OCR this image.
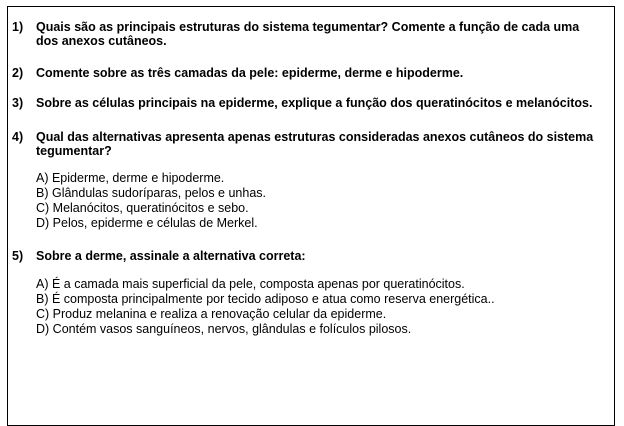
1)	Quais são as principais estruturas do sistema tegumentar? Comente a função de cada uma dos anexos cutâneos.
2)	Comente sobre as três camadas da pele: epiderme, derme e hipoderme.
3)	Sobre as células principais na epiderme, explique a função dos queratinócitos e melanócitos.
4)	Qual das alternativas apresenta apenas estruturas consideradas anexos cutâneos do sistema tegumentar?
A) Epiderme, derme e hipoderme.
B) Glândulas sudoríparas, pelos e unhas.
C) Melanócitos, queratinócitos e sebo.
D) Pelos, epiderme e células de Merkel.
5)	Sobre a derme, assinale a alternativa correta:
A) É a camada mais superficial da pele, composta apenas por queratinócitos.
B) É composta principalmente por tecido adiposo e atua como reserva energética..
C) Produz melanina e realiza a renovação celular da epiderme.
D) Contém vasos sanguíneos, nervos, glândulas e folículos pilosos.
